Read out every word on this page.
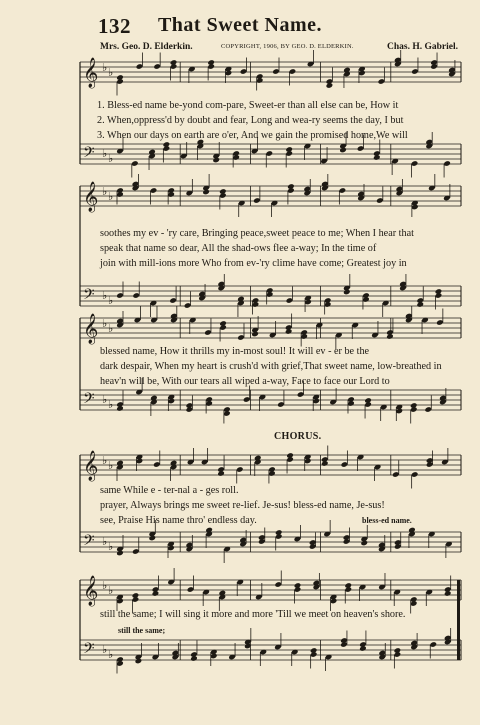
132	That Sweet Name.
Mrs. Geo. D. Elderkin.	COPYRIGHT, 1906, BY GEO. D. ELDERKIN.	Chas. H. Gabriel.
𝄞 ♭ ♭
𝄢 ♭ ♭
𝄞 ♭ ♭
𝄢 ♭ ♭
𝄞 ♭ ♭
𝄢 ♭ ♭
𝄞 ♭ ♭
𝄢 ♭ ♭
𝄞 ♭ ♭
𝄢 ♭ ♭
1. Bless-ed name be-yond com-pare, Sweet-er than all else can be, How it
2. When,oppress'd by doubt and fear, Long and wea-ry seems the day, I but
3. When our days on earth are o'er, And we gain the promised home,We will
soothes my ev - 'ry care, Bringing peace,sweet peace to me; When I hear that
speak that name so dear, All the shad-ows flee a-way; In the time of
join with mill-ions more Who from ev-'ry clime have come; Greatest joy in
blessed name, How it thrills my in-most soul! It will ev - er be the
dark despair, When my heart is crush'd with grief,That sweet name, low-breathed in
heav'n will be, With our tears all wiped a-way, Face to face our Lord to
CHORUS.
same While e - ter-nal a - ges roll.
prayer, Always brings me sweet re-lief. Je-sus! bless-ed name, Je-sus!
see, Praise His name thro' endless day.	bless-ed name.
still the same; I will sing it more and more 'Till we meet on heaven's shore.
still the same;
